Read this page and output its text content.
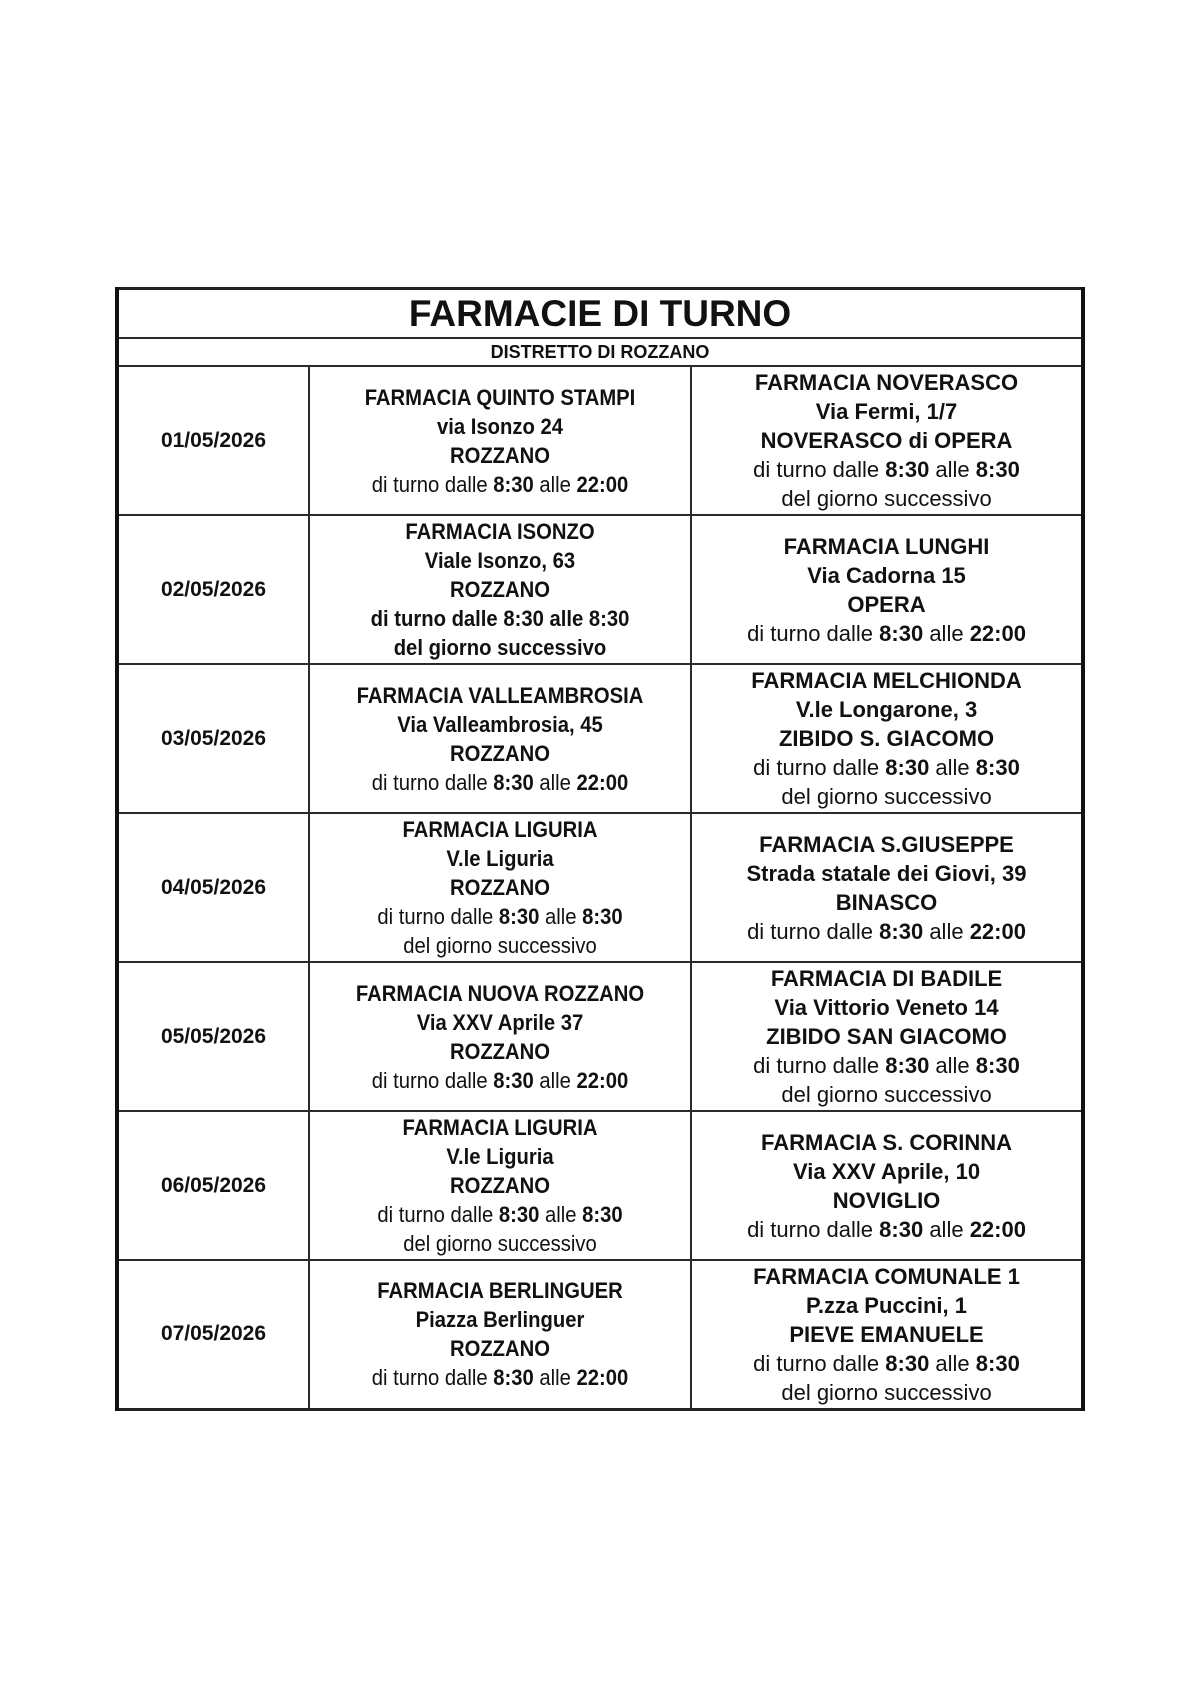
FARMACIE DI TURNO		
DISTRETTO DI ROZZANO		
01/05/2026	FARMACIA QUINTO STAMPI
via Isonzo 24
ROZZANO
di turno dalle 8:30 alle 22:00	FARMACIA NOVERASCO
Via Fermi, 1/7
NOVERASCO di OPERA
di turno dalle 8:30 alle 8:30
del giorno successivo

02/05/2026	FARMACIA ISONZO
Viale Isonzo, 63
ROZZANO
di turno dalle 8:30 alle 8:30
del giorno successivo	FARMACIA LUNGHI
Via Cadorna 15
OPERA
di turno dalle 8:30 alle 22:00

03/05/2026	FARMACIA VALLEAMBROSIA
Via Valleambrosia, 45
ROZZANO
di turno dalle 8:30 alle 22:00	FARMACIA MELCHIONDA
V.le Longarone, 3
ZIBIDO S. GIACOMO
di turno dalle 8:30 alle 8:30
del giorno successivo

04/05/2026	FARMACIA LIGURIA
V.le Liguria
ROZZANO
di turno dalle 8:30 alle 8:30
del giorno successivo	FARMACIA S.GIUSEPPE
Strada statale dei Giovi, 39
BINASCO
di turno dalle 8:30 alle 22:00

05/05/2026	FARMACIA NUOVA ROZZANO
Via XXV Aprile 37
ROZZANO
di turno dalle 8:30 alle 22:00	FARMACIA DI BADILE
Via Vittorio Veneto 14
ZIBIDO SAN GIACOMO
di turno dalle 8:30 alle 8:30
del giorno successivo

06/05/2026	FARMACIA LIGURIA
V.le Liguria
ROZZANO
di turno dalle 8:30 alle 8:30
del giorno successivo	FARMACIA S. CORINNA
Via XXV Aprile, 10
NOVIGLIO
di turno dalle 8:30 alle 22:00

07/05/2026	FARMACIA BERLINGUER
Piazza Berlinguer
ROZZANO
di turno dalle 8:30 alle 22:00	FARMACIA COMUNALE 1
P.zza Puccini, 1
PIEVE EMANUELE
di turno dalle 8:30 alle 8:30
del giorno successivo
